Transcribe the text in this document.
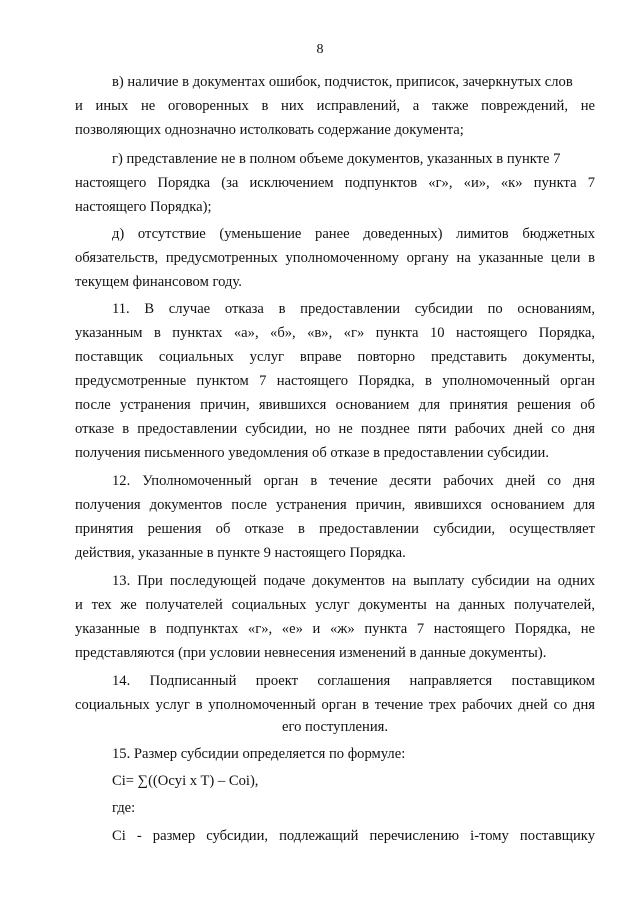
8
в) наличие в документах ошибок, подчисток, приписок, зачеркнутых слов
и иных не оговоренных в них исправлений, а также повреждений, не
позволяющих однозначно истолковать содержание документа;
г) представление не в полном объеме документов, указанных в пункте 7
настоящего Порядка (за исключением подпунктов «г», «и», «к» пункта 7
настоящего Порядка);
д) отсутствие (уменьшение ранее доведенных) лимитов бюджетных
обязательств, предусмотренных уполномоченному органу на указанные цели в
текущем финансовом году.
11. В случае отказа в предоставлении субсидии по основаниям,
указанным в пунктах «а», «б», «в», «г» пункта 10 настоящего Порядка,
поставщик социальных услуг вправе повторно представить документы,
предусмотренные пунктом 7 настоящего Порядка, в уполномоченный орган
после устранения причин, явившихся основанием для принятия решения об
отказе в предоставлении субсидии, но не позднее пяти рабочих дней со дня
получения письменного уведомления об отказе в предоставлении субсидии.
12. Уполномоченный орган в течение десяти рабочих дней со дня
получения документов после устранения причин, явившихся основанием для
принятия решения об отказе в предоставлении субсидии, осуществляет
действия, указанные в пункте 9 настоящего Порядка.
13. При последующей подаче документов на выплату субсидии на одних
и тех же получателей социальных услуг документы на данных получателей,
указанные в подпунктах «г», «е» и «ж» пункта 7 настоящего Порядка, не
представляются (при условии невнесения изменений в данные документы).
14. Подписанный проект соглашения направляется поставщиком
социальных услуг в уполномоченный орган в течение трех рабочих дней со дня
его поступления.
15. Размер субсидии определяется по формуле:
Ci= ∑((Ocyi x T) – Coi),
где:
Ci - размер субсидии, подлежащий перечислению i-тому поставщику
